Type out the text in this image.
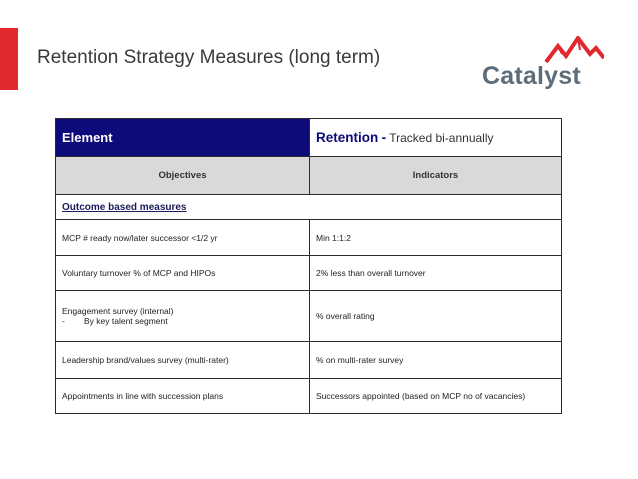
Retention Strategy Measures (long term)
Catalyst
Element	Retention - Tracked bi-annually
Objectives	Indicators
Outcome based measures	
MCP # ready now/later successor <1/2 yr	Min 1:1:2
Voluntary turnover % of MCP and HIPOs	2% less than overall turnover

Engagement survey (internal)
- By key talent segment	% overall rating
Leadership brand/values survey (multi-rater)	% on multi-rater survey
Appointments in line with succession plans	Successors appointed (based on MCP no of vacancies)
